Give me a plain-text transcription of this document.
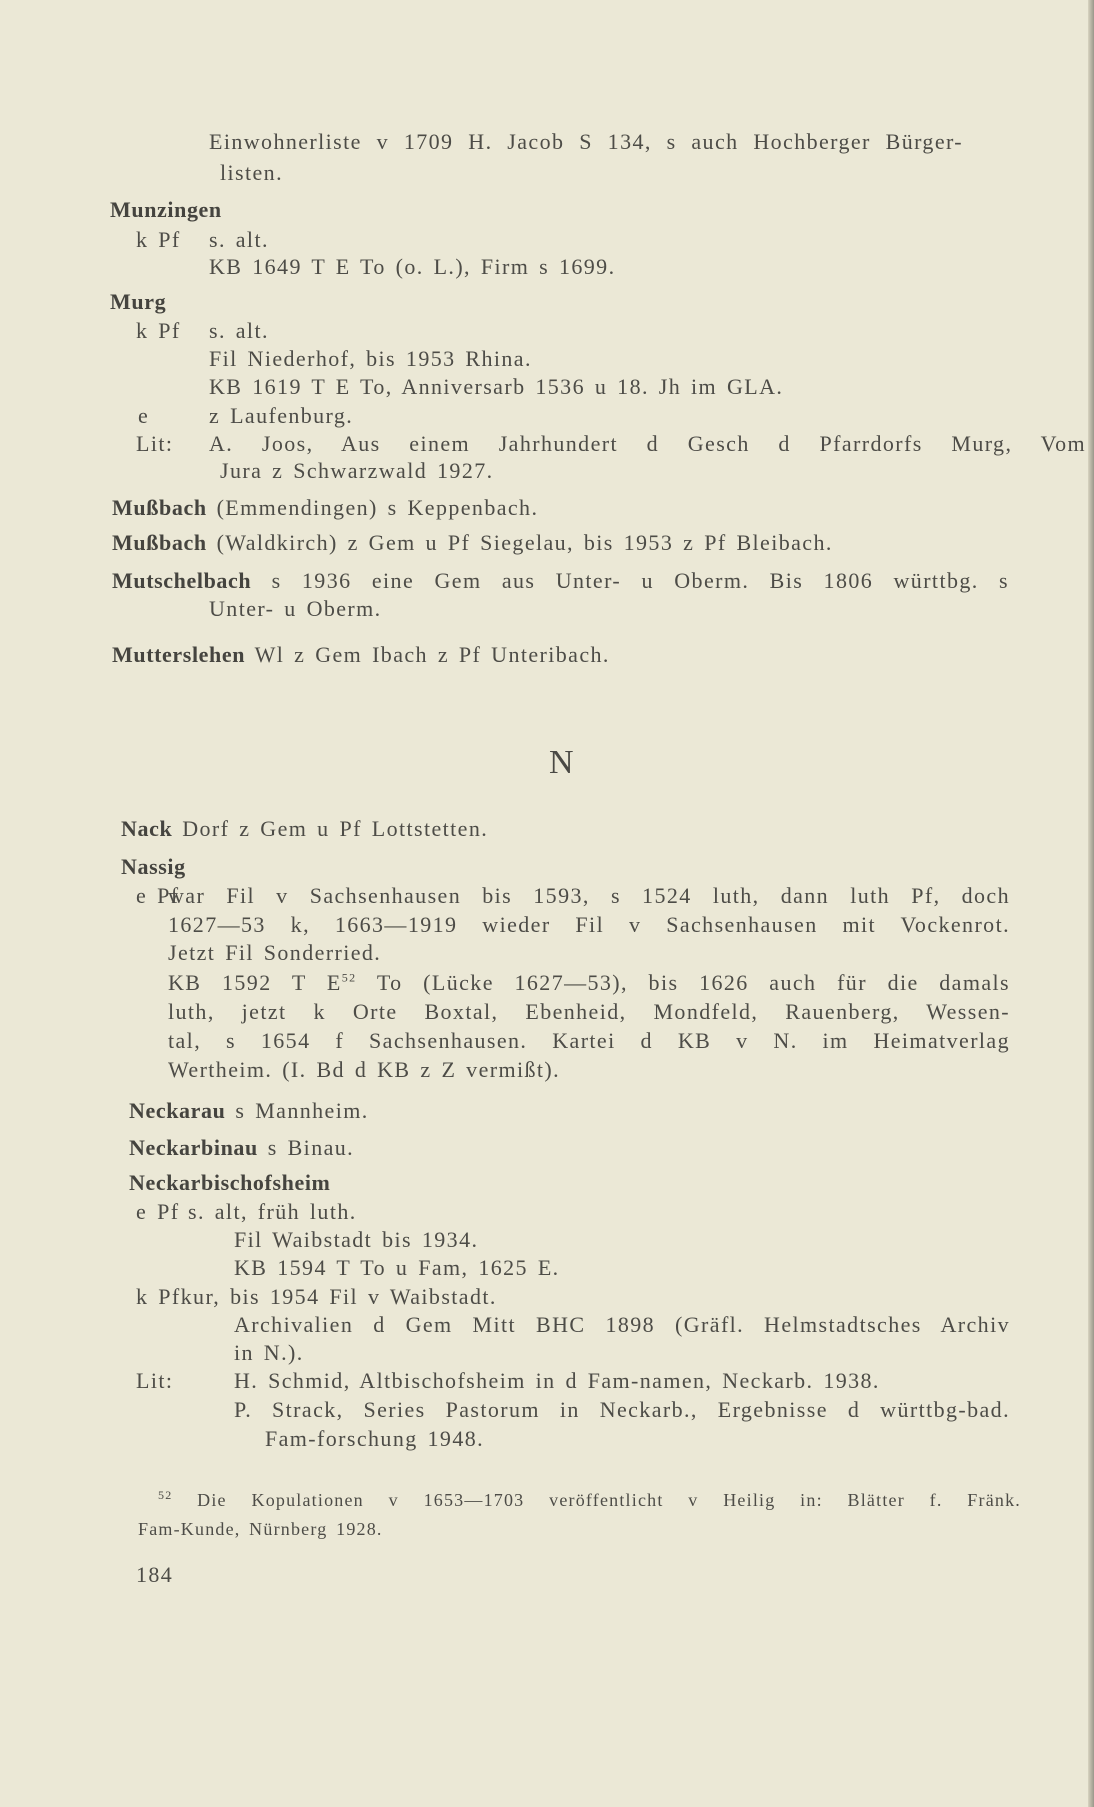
N
$^{52}$ Die Kopulationen v 1653—1703 veröffentlicht v Heilig in: Blätter f. Fränk.
Fam-Kunde, Nürnberg 1928.
184
Einwohnerliste v 1709 H. Jacob S 134, s auch Hochberger Bürger-
listen.
Munzingen
k Pf s. alt.
KB 1649 T E To (o. L.), Firm s 1699.
Murg
k Pf s. alt.
Fil Niederhof, bis 1953 Rhina.
KB 1619 T E To, Anniversarb 1536 u 18. Jh im GLA.
e	z Laufenburg.
Lit: A. Joos, Aus einem Jahrhundert d Gesch d Pfarrdorfs Murg, Vom
Jura z Schwarzwald 1927.
Mußbach (Emmendingen) s Keppenbach.
Mußbach (Waldkirch) z Gem u Pf Siegelau, bis 1953 z Pf Bleibach.
Mutschelbach s 1936 eine Gem aus Unter- u Oberm. Bis 1806 württbg. s
Unter- u Oberm.
Mutterslehen Wl z Gem Ibach z Pf Unteribach.
Nack Dorf z Gem u Pf Lottstetten.
Nassig
e Pf
war Fil v Sachsenhausen bis 1593, s 1524 luth, dann luth Pf, doch
1627—53 k, 1663—1919 wieder Fil v Sachsenhausen mit Vockenrot.
Jetzt Fil Sonderried.
KB 1592 T $E^{52}$ To (Lücke 1627—53), bis 1626 auch für die damals
luth, jetzt k Orte Boxtal, Ebenheid, Mondfeld, Rauenberg, Wessen-
tal, s 1654 f Sachsenhausen. Kartei d KB v N. im Heimatverlag
Wertheim. (I. Bd d KB z Z vermißt).
Neckarau s Mannheim.
Neckarbinau s Binau.
Neckarbischofsheim
e Pf s. alt, früh luth.
Fil Waibstadt bis 1934.
KB 1594 T To u Fam, 1625 E.
k Pfkur, bis 1954 Fil v Waibstadt.
Archivalien d Gem Mitt BHC 1898 (Gräfl. Helmstadtsches Archiv
in N.).
Lit:	H. Schmid, Altbischofsheim in d Fam-namen, Neckarb. 1938.
P. Strack, Series Pastorum in Neckarb., Ergebnisse d württbg-bad.
Fam-forschung 1948.
